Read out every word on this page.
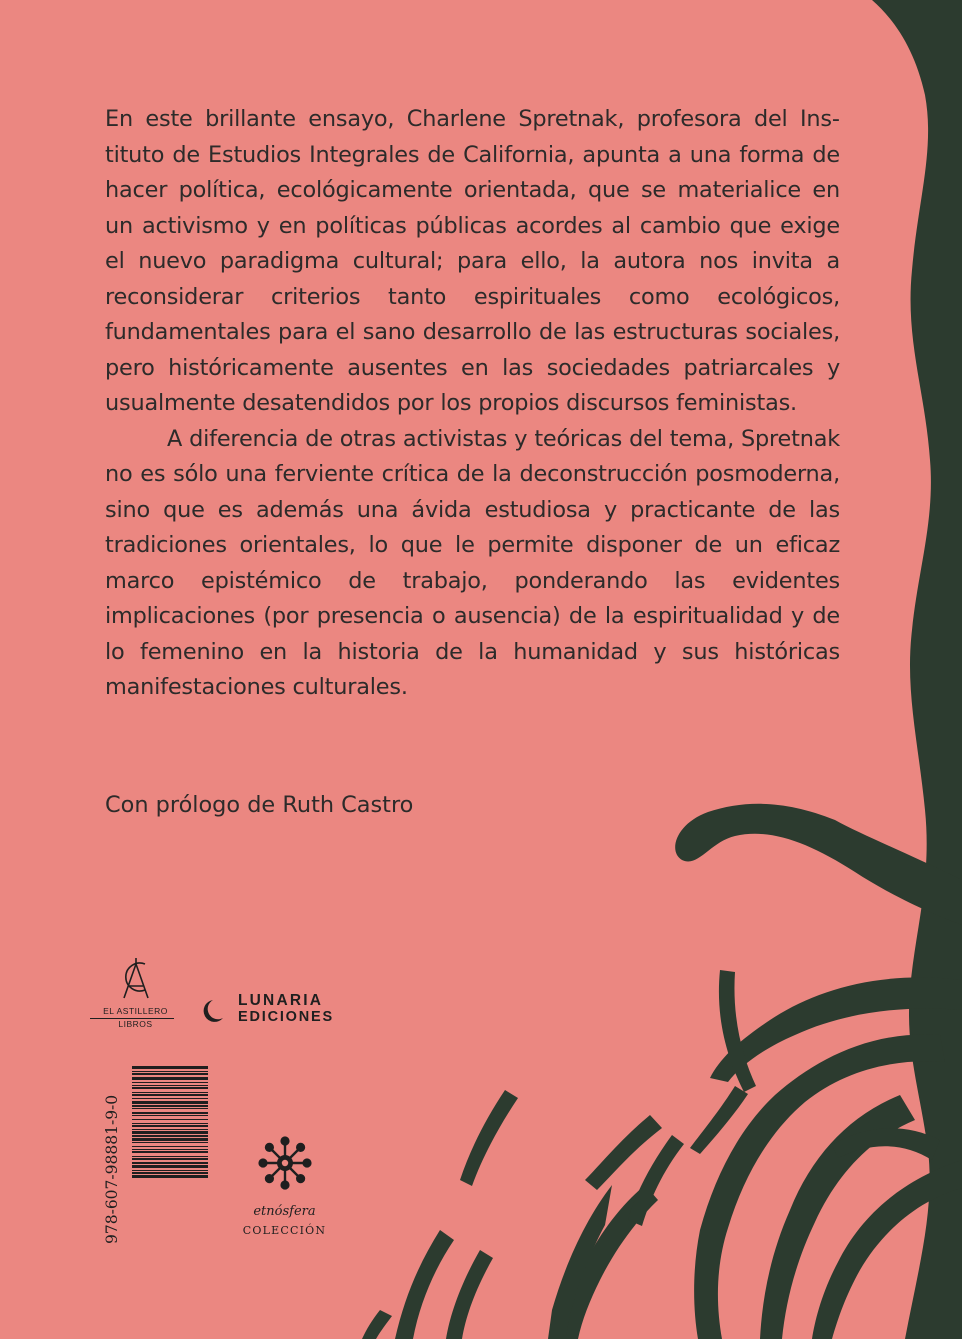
En este brillante ensayo, Charlene Spretnak, profesora del Instituto de Estudios Integrales de California, apunta a una forma de hacer política, ecológicamente orientada, que se materialice en un activismo y en políticas públicas acordes al cambio que exige el nuevo paradigma cultural; para ello, la autora nos invita a reconsiderar criterios tanto espirituales como ecológicos, fundamentales para el sano desarrollo de las estructuras sociales, pero históricamente ausentes en las sociedades patriarcales y usualmente desatendidos por los propios discursos feministas.

A diferencia de otras activistas y teóricas del tema, Spretnak no es sólo una ferviente crítica de la deconstrucción posmoderna, sino que es además una ávida estudiosa y practicante de las tradiciones orientales, lo que le permite disponer de un eficaz marco epistémico de trabajo, ponderando las evidentes implicaciones (por presencia o ausencia) de la espiritualidad y de lo femenino en la historia de la humanidad y sus históricas manifestaciones culturales.

Con prólogo de Ruth Castro
EL ASTILLERO
LIBROS
LUNARIA
EDICIONES
978-607-98881-9-0	etnósfera
COLECCIÓN
